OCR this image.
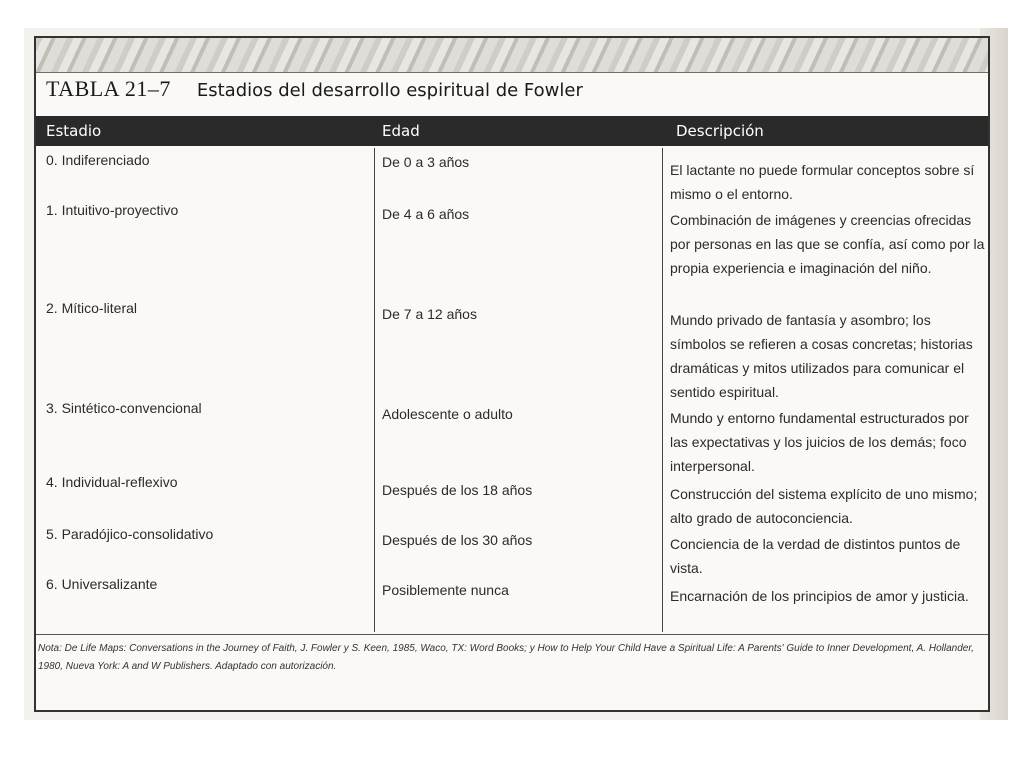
TABLA 21–7 Estadios del desarrollo espiritual de Fowler
Estadio	Edad	Descripción
0. Indiferenciado	De 0 a 3 años	El lactante no puede formular conceptos sobre sí mismo o el entorno.
1. Intuitivo-proyectivo	De 4 a 6 años	Combinación de imágenes y creencias ofrecidas por personas en las que se confía, así como por la propia experiencia e imaginación del niño.
2. Mítico-literal	De 7 a 12 años	Mundo privado de fantasía y asombro; los símbolos se refieren a cosas concretas; historias dramáticas y mitos utilizados para comunicar el sentido espiritual.
3. Sintético-convencional	Adolescente o adulto	Mundo y entorno fundamental estructurados por las expectativas y los juicios de los demás; foco interpersonal.
4. Individual-reflexivo	Después de los 18 años	Construcción del sistema explícito de uno mismo; alto grado de autoconciencia.
5. Paradójico-consolidativo	Después de los 30 años	Conciencia de la verdad de distintos puntos de vista.
6. Universalizante	Posiblemente nunca	Encarnación de los principios de amor y justicia.
Nota: De Life Maps: Conversations in the Journey of Faith, J. Fowler y S. Keen, 1985, Waco, TX: Word Books; y How to Help Your Child Have a Spiritual Life: A Parents' Guide to Inner Development, A. Hollander, 1980, Nueva York: A and W Publishers. Adaptado con autorización.
